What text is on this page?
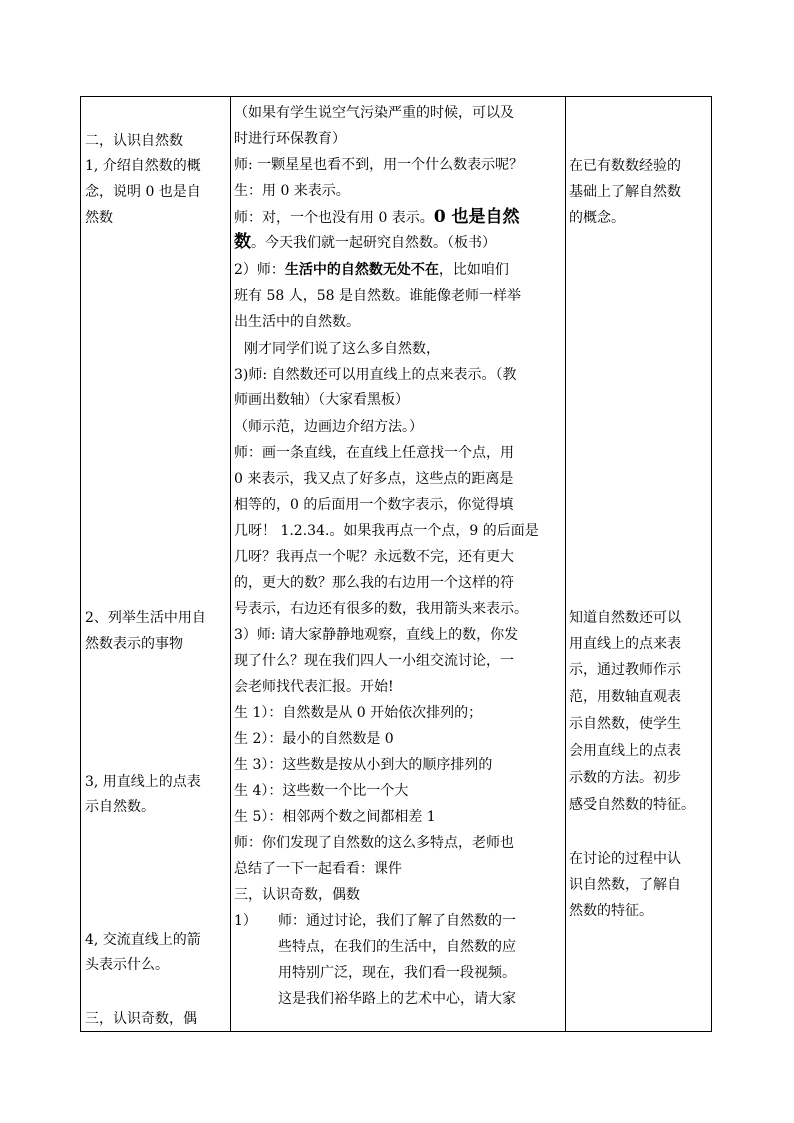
二，认识自然数
1, 介绍自然数的概
念，说明 0 也是自
然数
2、列举生活中用自
然数表示的事物
3, 用直线上的点表
示自然数。
4, 交流直线上的箭
头表示什么。
三，认识奇数，偶
（如果有学生说空气污染严重的时候，可以及
时进行环保教育）
师: 一颗星星也看不到，用一个什么数表示呢？
生：用 0 来表示。
师：对，一个也没有用 0 表示。0 也是自然
数。今天我们就一起研究自然数。（板书）
2）师：生活中的自然数无处不在，比如咱们
班有 58 人，58 是自然数。谁能像老师一样举
出生活中的自然数。
刚才同学们说了这么多自然数，
3)师: 自然数还可以用直线上的点来表示。（教
师画出数轴）（大家看黑板）
（师示范，边画边介绍方法。）
师：画一条直线，在直线上任意找一个点，用
0 来表示，我又点了好多点，这些点的距离是
相等的，0 的后面用一个数字表示，你觉得填
几呀！ 1.2.34.。如果我再点一个点，9 的后面是
几呀？我再点一个呢？永远数不完，还有更大
的，更大的数？那么我的右边用一个这样的符
号表示，右边还有很多的数，我用箭头来表示。
3）师: 请大家静静地观察，直线上的数，你发
现了什么？现在我们四人一小组交流讨论，一
会老师找代表汇报。开始!
生 1）：自然数是从 0 开始依次排列的；
生 2）：最小的自然数是 0
生 3）：这些数是按从小到大的顺序排列的
生 4）：这些数一个比一个大
生 5）：相邻两个数之间都相差 1
师：你们发现了自然数的这么多特点，老师也
总结了一下一起看看：课件
三，认识奇数，偶数
1） 师：通过讨论，我们了解了自然数的一
些特点，在我们的生活中，自然数的应
用特别广泛，现在，我们看一段视频。
这是我们裕华路上的艺术中心，请大家
在已有数数经验的
基础上了解自然数
的概念。
知道自然数还可以
用直线上的点来表
示，通过教师作示
范，用数轴直观表
示自然数，使学生
会用直线上的点表
示数的方法。初步
感受自然数的特征。
在讨论的过程中认
识自然数，了解自
然数的特征。
